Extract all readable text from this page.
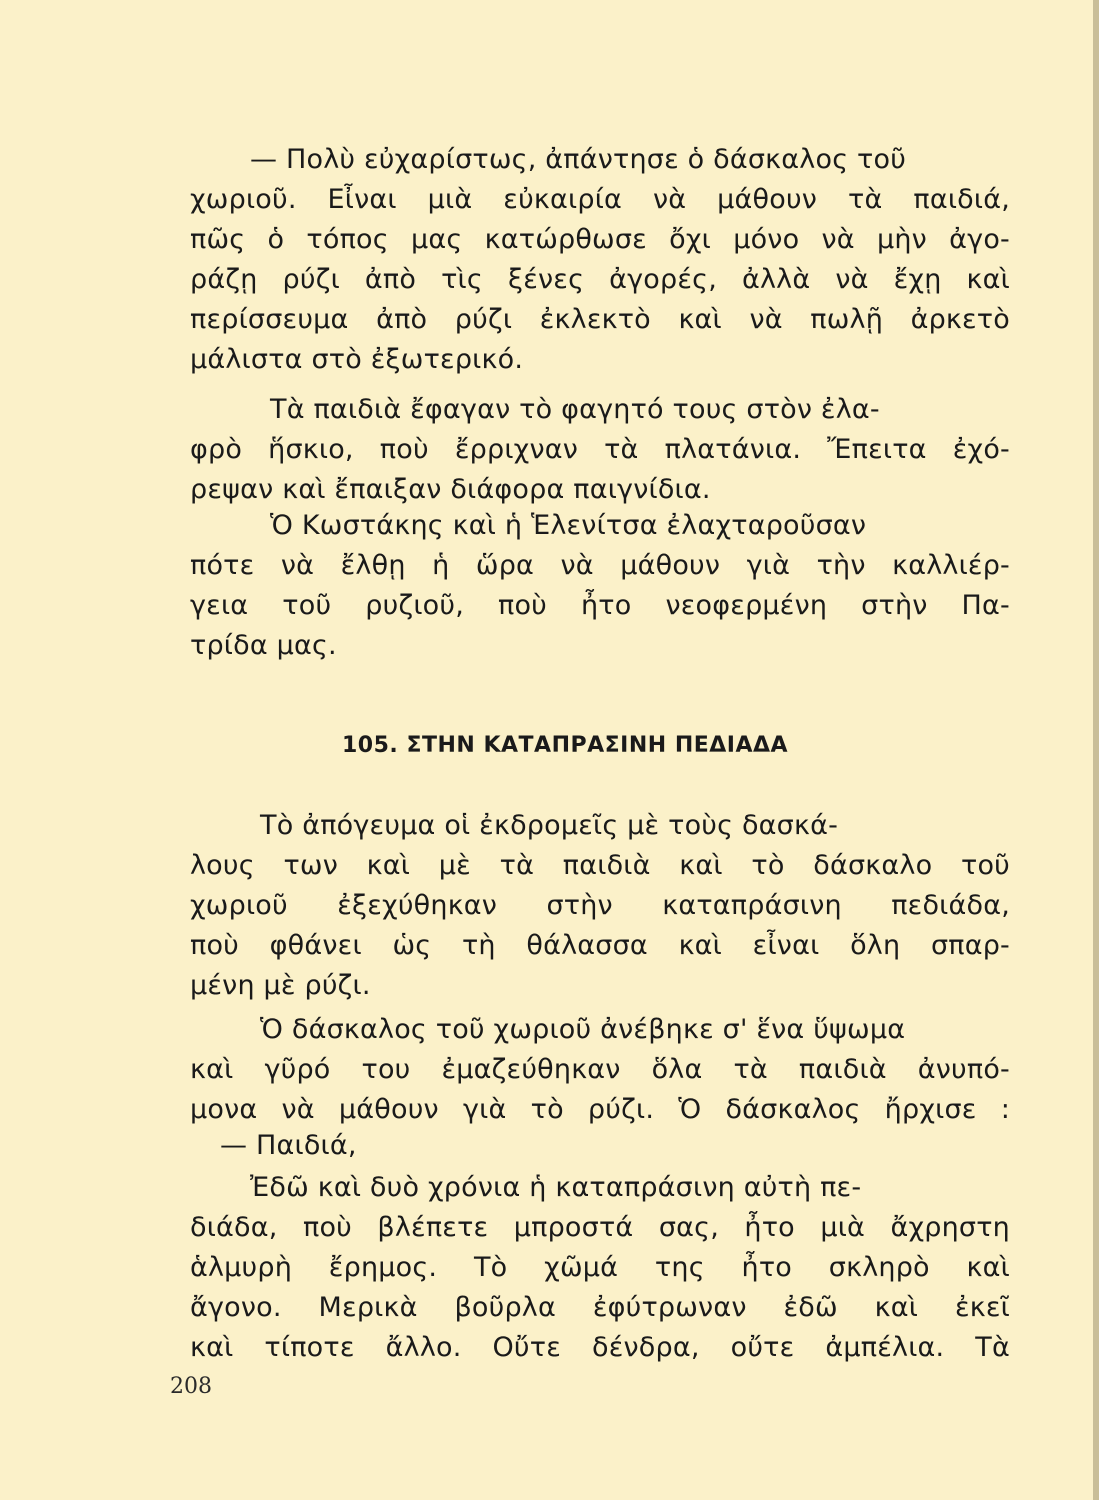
— Πολὺ εὐχαρίστως, ἀπάντησε ὁ δάσκαλος τοῦ
χωριοῦ. Εἶναι μιὰ εὐκαιρία νὰ μάθουν τὰ παιδιά,
πῶς ὁ τόπος μας κατώρθωσε ὄχι μόνο νὰ μὴν ἀγο-
ράζῃ ρύζι ἀπὸ τὶς ξένες ἀγορές, ἀλλὰ νὰ ἔχῃ καὶ
περίσσευμα ἀπὸ ρύζι ἐκλεκτὸ καὶ νὰ πωλῇ ἀρκετὸ
μάλιστα στὸ ἐξωτερικό.
Τὰ παιδιὰ ἔφαγαν τὸ φαγητό τους στὸν ἐλα-
φρὸ ἥσκιο, ποὺ ἔρριχναν τὰ πλατάνια. Ἔπειτα ἐχό-
ρεψαν καὶ ἔπαιξαν διάφορα παιγνίδια.
Ὁ Κωστάκης καὶ ἡ Ἑλενίτσα ἐλαχταροῦσαν
πότε νὰ ἔλθῃ ἡ ὥρα νὰ μάθουν γιὰ τὴν καλλιέρ-
γεια τοῦ ρυζιοῦ, ποὺ ἦτο νεοφερμένη στὴν Πα-
τρίδα μας.
105. ΣΤΗΝ ΚΑΤΑΠΡΑΣΙΝΗ ΠΕΔΙΑΔΑ
Τὸ ἀπόγευμα οἱ ἐκδρομεῖς μὲ τοὺς δασκά-
λους των καὶ μὲ τὰ παιδιὰ καὶ τὸ δάσκαλο τοῦ
χωριοῦ ἐξεχύθηκαν στὴν καταπράσινη πεδιάδα,
ποὺ φθάνει ὡς τὴ θάλασσα καὶ εἶναι ὅλη σπαρ-
μένη μὲ ρύζι.
Ὁ δάσκαλος τοῦ χωριοῦ ἀνέβηκε σ' ἕνα ὕψωμα
καὶ γῦρό του ἐμαζεύθηκαν ὅλα τὰ παιδιὰ ἀνυπό-
μονα νὰ μάθουν γιὰ τὸ ρύζι. Ὁ δάσκαλος ἤρχισε :
— Παιδιά,
Ἐδῶ καὶ δυὸ χρόνια ἡ καταπράσινη αὐτὴ πε-
διάδα, ποὺ βλέπετε μπροστά σας, ἦτο μιὰ ἄχρηστη
ἁλμυρὴ ἔρημος. Τὸ χῶμά της ἦτο σκληρὸ καὶ
ἄγονο. Μερικὰ βοῦρλα ἐφύτρωναν ἐδῶ καὶ ἐκεῖ
καὶ τίποτε ἄλλο. Οὔτε δένδρα, οὔτε ἀμπέλια. Τὰ
208
